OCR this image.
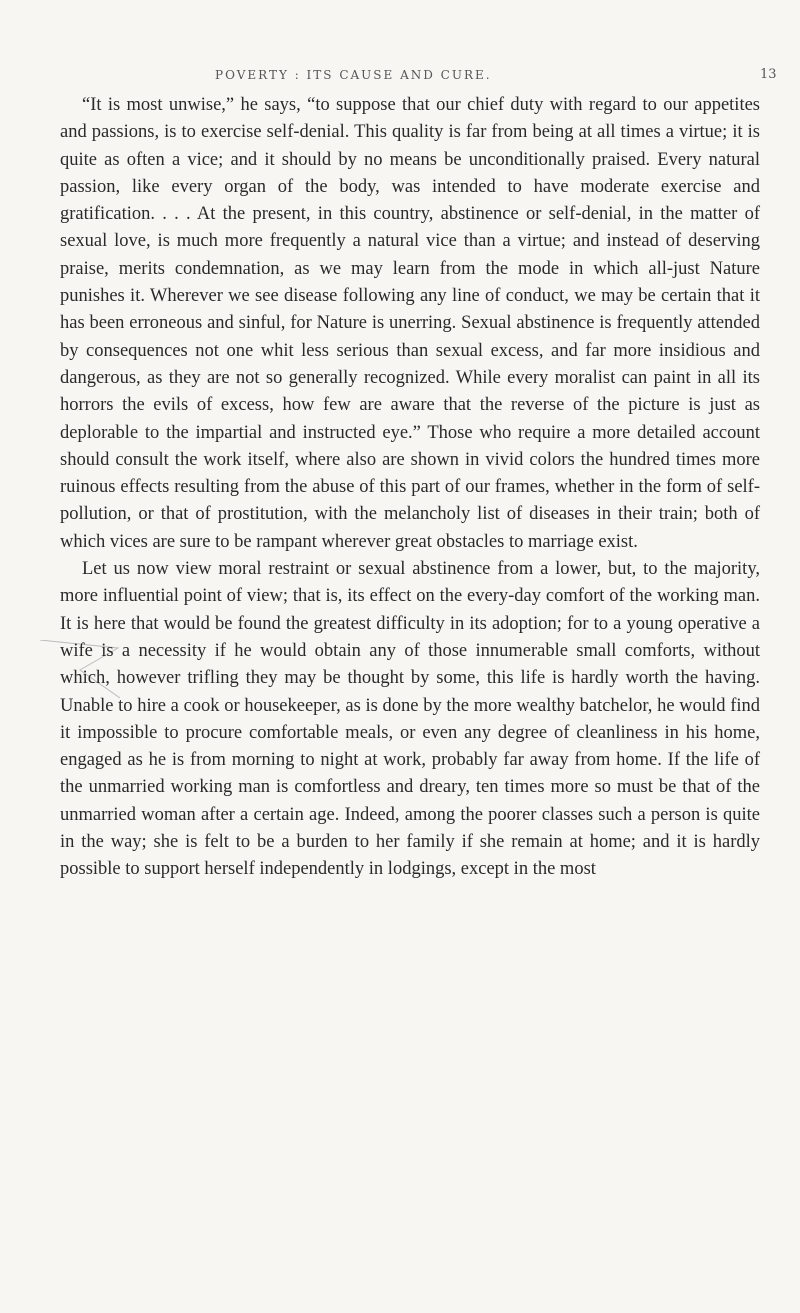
POVERTY : ITS CAUSE AND CURE.	13

“It is most unwise,” he says, “to suppose that our chief duty with regard to our appetites and passions, is to exercise self-denial. This quality is far from being at all times a virtue; it is quite as often a vice; and it should by no means be unconditionally praised. Every natural passion, like every organ of the body, was intended to have moderate exercise and gratification. . . . At the present, in this country, abstinence or self-denial, in the matter of sexual love, is much more frequently a natural vice than a virtue; and instead of deserving praise, merits condemnation, as we may learn from the mode in which all-just Nature punishes it. Wherever we see disease following any line of conduct, we may be certain that it has been erroneous and sinful, for Nature is unerring. Sexual abstinence is frequently attended by consequences not one whit less serious than sexual excess, and far more insidious and dangerous, as they are not so generally recognized. While every moralist can paint in all its horrors the evils of excess, how few are aware that the reverse of the picture is just as deplorable to the impartial and instructed eye.” Those who require a more detailed account should consult the work itself, where also are shown in vivid colors the hundred times more ruinous effects resulting from the abuse of this part of our frames, whether in the form of self-pollution, or that of prostitution, with the melancholy list of diseases in their train; both of which vices are sure to be rampant wherever great obstacles to marriage exist.

Let us now view moral restraint or sexual abstinence from a lower, but, to the majority, more influential point of view; that is, its effect on the every-day comfort of the working man. It is here that would be found the greatest difficulty in its adoption; for to a young operative a wife is a necessity if he would obtain any of those innumerable small comforts, without which, however trifling they may be thought by some, this life is hardly worth the having. Unable to hire a cook or housekeeper, as is done by the more wealthy batchelor, he would find it impossible to procure comfortable meals, or even any degree of cleanliness in his home, engaged as he is from morning to night at work, probably far away from home. If the life of the unmarried working man is comfortless and dreary, ten times more so must be that of the unmarried woman after a certain age. Indeed, among the poorer classes such a person is quite in the way; she is felt to be a burden to her family if she remain at home; and it is hardly possible to support herself independently in lodgings, except in the most
